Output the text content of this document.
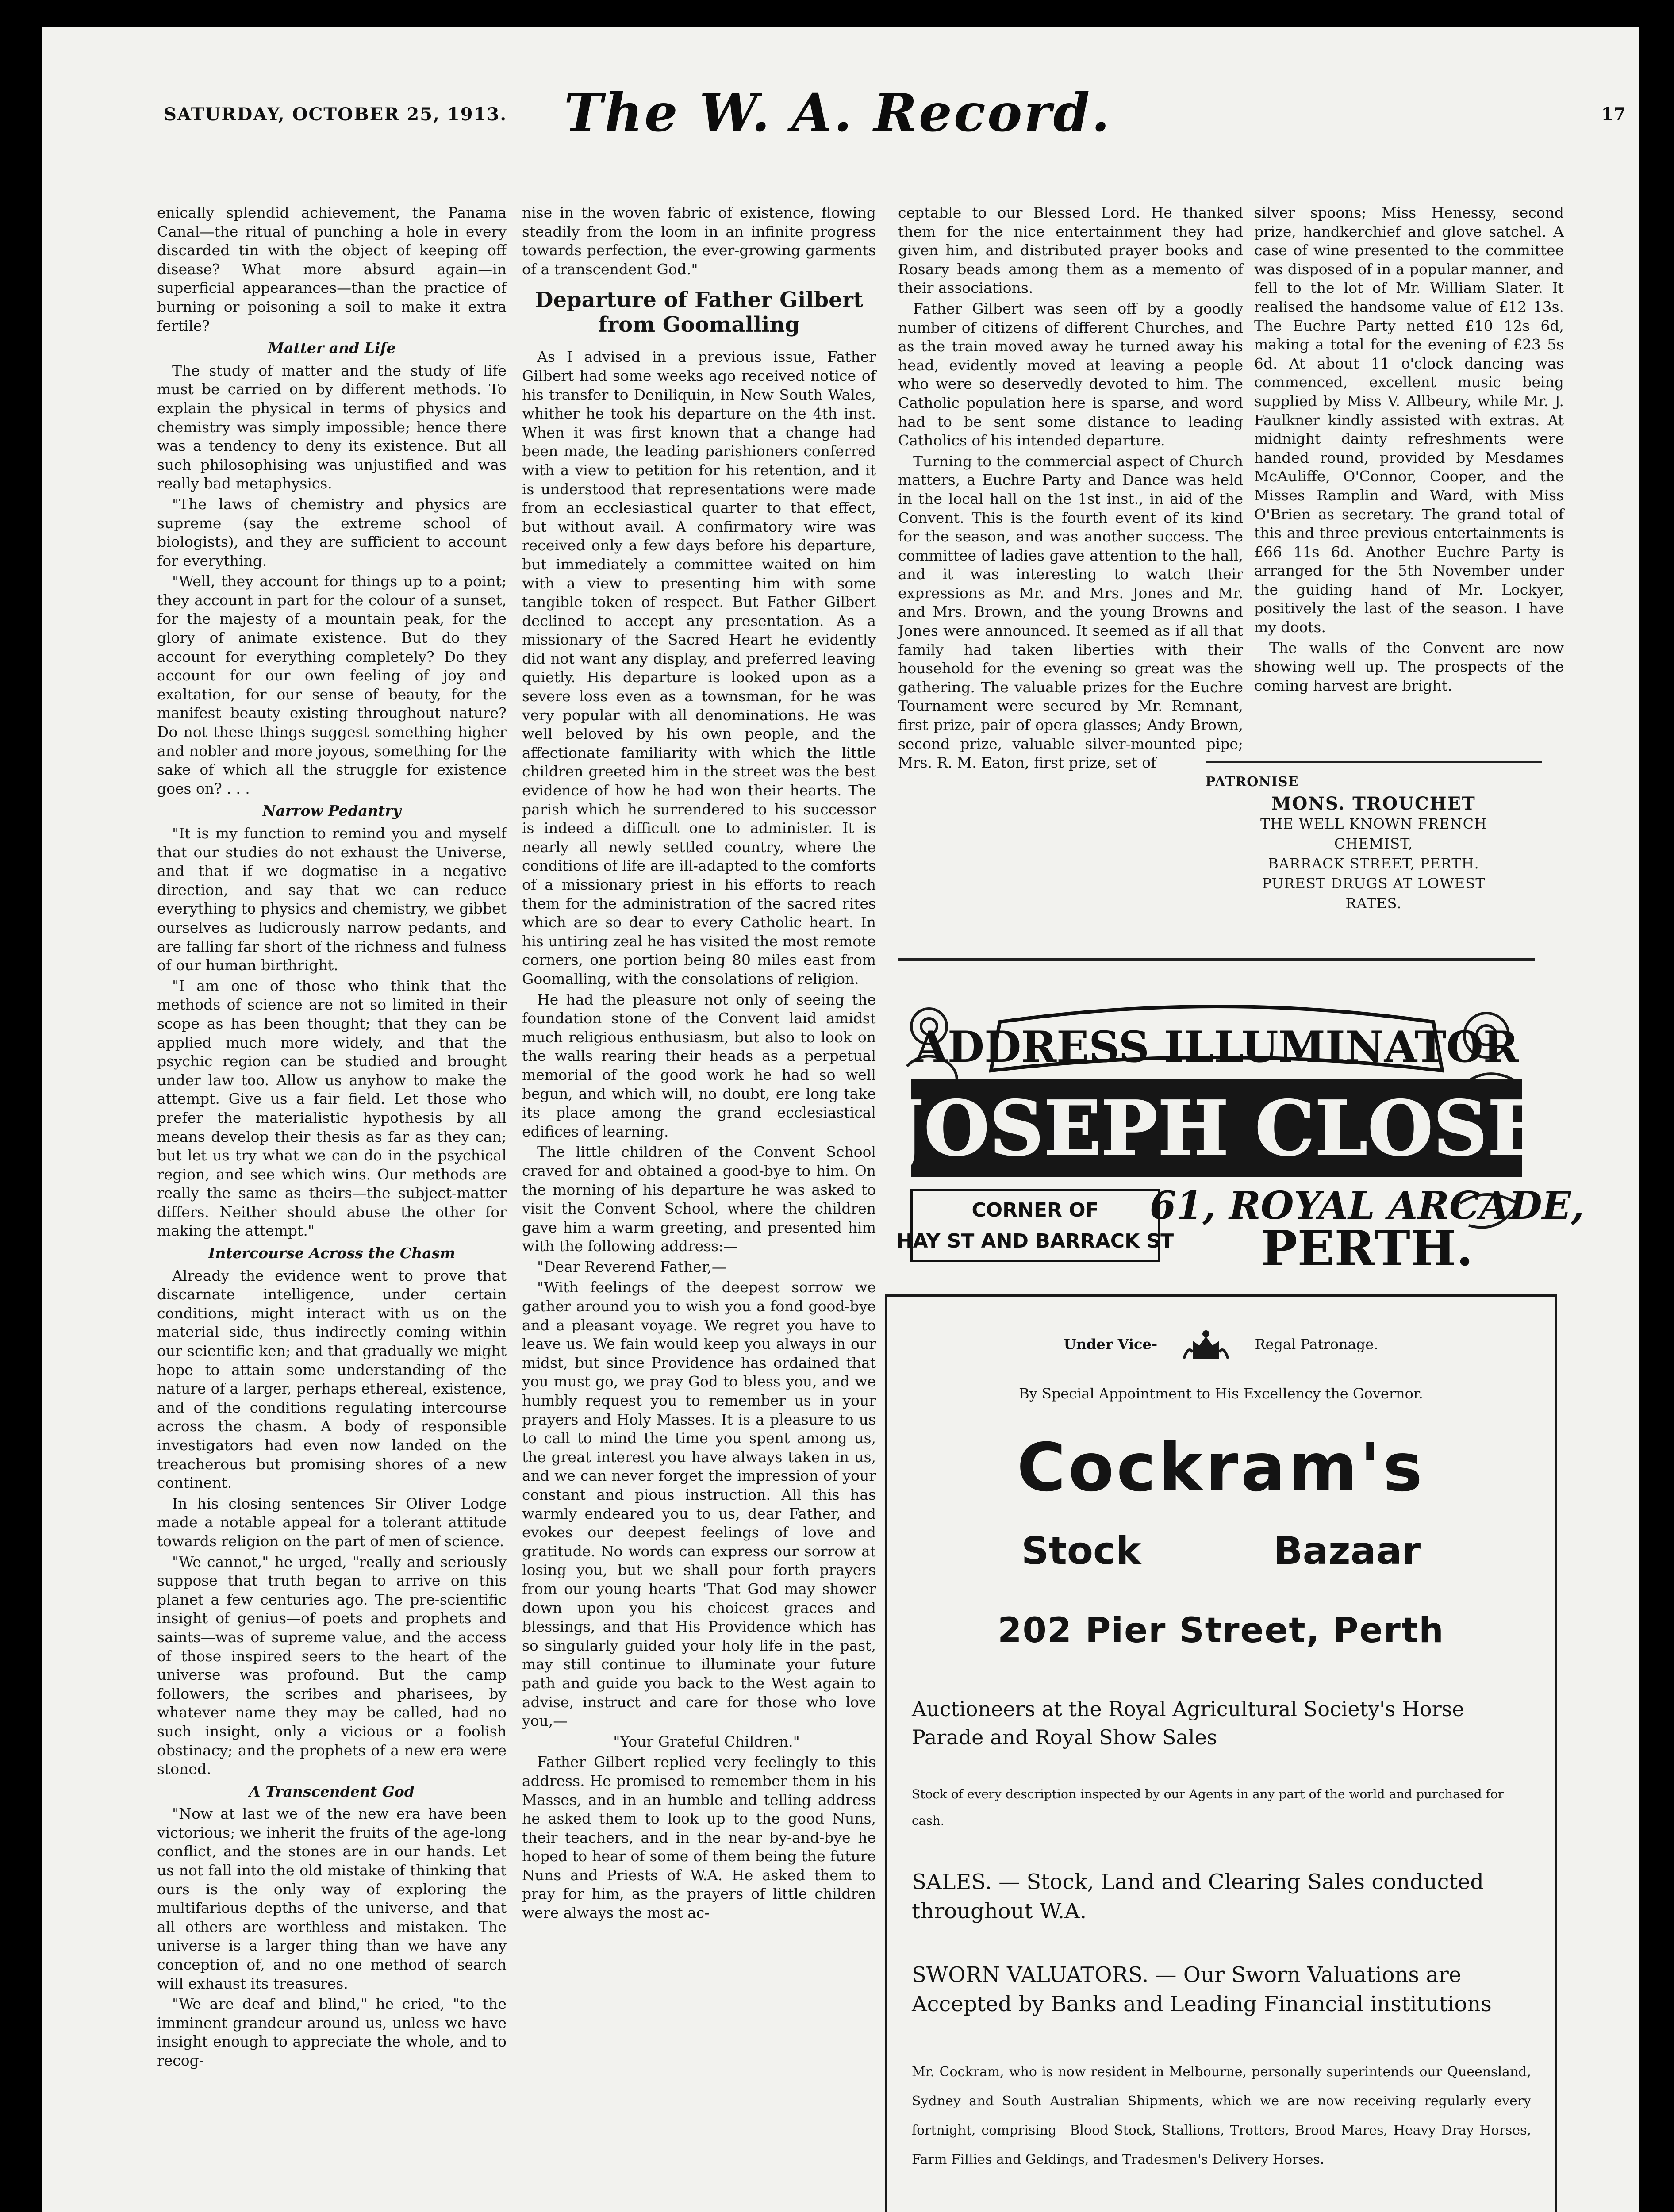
SATURDAY, OCTOBER 25, 1913. The W. A. Record.	17

enically splendid achievement, the Panama Canal—the ritual of punching a hole in every discarded tin with the object of keeping off disease? What more absurd again—in superficial appearances—than the practice of burning or poisoning a soil to make it extra fertile?

Matter and Life

The study of matter and the study of life must be carried on by different methods. To explain the physical in terms of physics and chemistry was simply impossible; hence there was a tendency to deny its existence. But all such philosophising was unjustified and was really bad metaphysics.

"The laws of chemistry and physics are supreme (say the extreme school of biologists), and they are sufficient to account for everything.

"Well, they account for things up to a point; they account in part for the colour of a sunset, for the majesty of a mountain peak, for the glory of animate existence. But do they account for everything completely? Do they account for our own feeling of joy and exaltation, for our sense of beauty, for the manifest beauty existing throughout nature? Do not these things suggest something higher and nobler and more joyous, something for the sake of which all the struggle for existence goes on? . . .

Narrow Pedantry

"It is my function to remind you and myself that our studies do not exhaust the Universe, and that if we dogmatise in a negative direction, and say that we can reduce everything to physics and chemistry, we gibbet ourselves as ludicrously narrow pedants, and are falling far short of the richness and fulness of our human birthright.

"I am one of those who think that the methods of science are not so limited in their scope as has been thought; that they can be applied much more widely, and that the psychic region can be studied and brought under law too. Allow us anyhow to make the attempt. Give us a fair field. Let those who prefer the materialistic hypothesis by all means develop their thesis as far as they can; but let us try what we can do in the psychical region, and see which wins. Our methods are really the same as theirs—the subject-matter differs. Neither should abuse the other for making the attempt."

Intercourse Across the Chasm

Already the evidence went to prove that discarnate intelligence, under certain conditions, might interact with us on the material side, thus indirectly coming within our scientific ken; and that gradually we might hope to attain some understanding of the nature of a larger, perhaps ethereal, existence, and of the conditions regulating intercourse across the chasm. A body of responsible investigators had even now landed on the treacherous but promising shores of a new continent.

In his closing sentences Sir Oliver Lodge made a notable appeal for a tolerant attitude towards religion on the part of men of science.

"We cannot," he urged, "really and seriously suppose that truth began to arrive on this planet a few centuries ago. The pre-scientific insight of genius—of poets and prophets and saints—was of supreme value, and the access of those inspired seers to the heart of the universe was profound. But the camp followers, the scribes and pharisees, by whatever name they may be called, had no such insight, only a vicious or a foolish obstinacy; and the prophets of a new era were stoned.

A Transcendent God

"Now at last we of the new era have been victorious; we inherit the fruits of the age-long conflict, and the stones are in our hands. Let us not fall into the old mistake of thinking that ours is the only way of exploring the multifarious depths of the universe, and that all others are worthless and mistaken. The universe is a larger thing than we have any conception of, and no one method of search will exhaust its treasures.

"We are deaf and blind," he cried, "to the imminent grandeur around us, unless we have insight enough to appreciate the whole, and to recog-

nise in the woven fabric of existence, flowing steadily from the loom in an infinite progress towards perfection, the ever-growing garments of a transcendent God."

Departure of Father Gilbert from Goomalling

As I advised in a previous issue, Father Gilbert had some weeks ago received notice of his transfer to Deniliquin, in New South Wales, whither he took his departure on the 4th inst. When it was first known that a change had been made, the leading parishioners conferred with a view to petition for his retention, and it is understood that representations were made from an ecclesiastical quarter to that effect, but without avail. A confirmatory wire was received only a few days before his departure, but immediately a committee waited on him with a view to presenting him with some tangible token of respect. But Father Gilbert declined to accept any presentation. As a missionary of the Sacred Heart he evidently did not want any display, and preferred leaving quietly. His departure is looked upon as a severe loss even as a townsman, for he was very popular with all denominations. He was well beloved by his own people, and the affectionate familiarity with which the little children greeted him in the street was the best evidence of how he had won their hearts. The parish which he surrendered to his successor is indeed a difficult one to administer. It is nearly all newly settled country, where the conditions of life are ill-adapted to the comforts of a missionary priest in his efforts to reach them for the administration of the sacred rites which are so dear to every Catholic heart. In his untiring zeal he has visited the most remote corners, one portion being 80 miles east from Goomalling, with the consolations of religion.

He had the pleasure not only of seeing the foundation stone of the Convent laid amidst much religious enthusiasm, but also to look on the walls rearing their heads as a perpetual memorial of the good work he had so well begun, and which will, no doubt, ere long take its place among the grand ecclesiastical edifices of learning.

The little children of the Convent School craved for and obtained a good-bye to him. On the morning of his departure he was asked to visit the Convent School, where the children gave him a warm greeting, and presented him with the following address:—

"Dear Reverend Father,—

"With feelings of the deepest sorrow we gather around you to wish you a fond good-bye and a pleasant voyage. We regret you have to leave us. We fain would keep you always in our midst, but since Providence has ordained that you must go, we pray God to bless you, and we humbly request you to remember us in your prayers and Holy Masses. It is a pleasure to us to call to mind the time you spent among us, the great interest you have always taken in us, and we can never forget the impression of your constant and pious instruction. All this has warmly endeared you to us, dear Father, and evokes our deepest feelings of love and gratitude. No words can express our sorrow at losing you, but we shall pour forth prayers from our young hearts 'That God may shower down upon you his choicest graces and blessings, and that His Providence which has so singularly guided your holy life in the past, may still continue to illuminate your future path and guide you back to the West again to advise, instruct and care for those who love you,—

"Your Grateful Children."

Father Gilbert replied very feelingly to this address. He promised to remember them in his Masses, and in an humble and telling address he asked them to look up to the good Nuns, their teachers, and in the near by-and-bye he hoped to hear of some of them being the future Nuns and Priests of W.A. He asked them to pray for him, as the prayers of little children were always the most ac-

ceptable to our Blessed Lord. He thanked them for the nice entertainment they had given him, and distributed prayer books and Rosary beads among them as a memento of their associations.

Father Gilbert was seen off by a goodly number of citizens of different Churches, and as the train moved away he turned away his head, evidently moved at leaving a people who were so deservedly devoted to him. The Catholic population here is sparse, and word had to be sent some distance to leading Catholics of his intended departure.

Turning to the commercial aspect of Church matters, a Euchre Party and Dance was held in the local hall on the 1st inst., in aid of the Convent. This is the fourth event of its kind for the season, and was another success. The committee of ladies gave attention to the hall, and it was interesting to watch their expressions as Mr. and Mrs. Jones and Mr. and Mrs. Brown, and the young Browns and Jones were announced. It seemed as if all that family had taken liberties with their household for the evening so great was the gathering. The valuable prizes for the Euchre Tournament were secured by Mr. Remnant, first prize, pair of opera glasses; Andy Brown, second prize, valuable silver-mounted pipe; Mrs. R. M. Eaton, first prize, set of

silver spoons; Miss Henessy, second prize, handkerchief and glove satchel. A case of wine presented to the committee was disposed of in a popular manner, and fell to the lot of Mr. William Slater. It realised the handsome value of £12 13s. The Euchre Party netted £10 12s 6d, making a total for the evening of £23 5s 6d. At about 11 o'clock dancing was commenced, excellent music being supplied by Miss V. Allbeury, while Mr. J. Faulkner kindly assisted with extras. At midnight dainty refreshments were handed round, provided by Mesdames McAuliffe, O'Connor, Cooper, and the Misses Ramplin and Ward, with Miss O'Brien as secretary. The grand total of this and three previous entertainments is £66 11s 6d. Another Euchre Party is arranged for the 5th November under the guiding hand of Mr. Lockyer, positively the last of the season. I have my doots.

The walls of the Convent are now showing well up. The prospects of the coming harvest are bright.

PATRONISE
MONS. TROUCHET
THE WELL KNOWN FRENCH
CHEMIST,
BARRACK STREET, PERTH.
PUREST DRUGS AT LOWEST
RATES.
ADDRESS ILLUMINATOR
JOSEPH CLOSE
CORNER OF
HAY ST AND BARRACK ST
61, ROYAL ARCADE,
PERTH.
Under Vice-	Regal Patronage.
By Special Appointment to His Excellency the Governor.
Cockram's
Stock	Bazaar
202 Pier Street, Perth
Auctioneers at the Royal Agricultural Society's Horse Parade and Royal Show Sales
Stock of every description inspected by our Agents in any part of the world and purchased for cash.
SALES. — Stock, Land and Clearing Sales conducted throughout W.A.
SWORN VALUATORS. — Our Sworn Valuations are Accepted by Banks and Leading Financial institutions
Mr. Cockram, who is now resident in Melbourne, personally superintends our Queensland, Sydney and South Australian Shipments, which we are now receiving regularly every fortnight, comprising—Blood Stock, Stallions, Trotters, Brood Mares, Heavy Dray Horses, Farm Fillies and Geldings, and Tradesmen's Delivery Horses.
